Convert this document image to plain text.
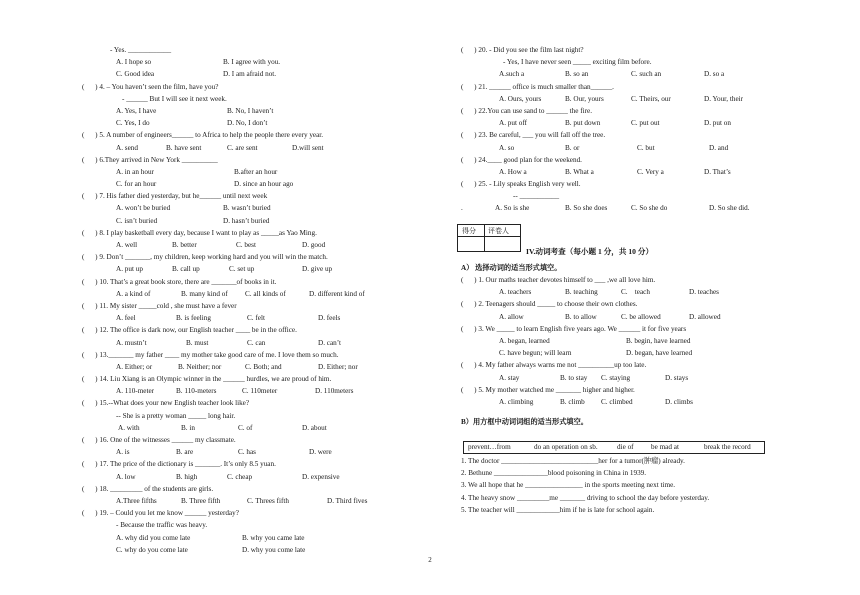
- Yes. ____________
A. I hope so	B. I agree with you.
C. Good idea	D. I am afraid not.
(      ) 4. – You haven’t seen the film, have you?
- ______ But I will see it next week.
A. Yes, I have	B. No, I haven’t
C. Yes, I do	D. No, I don’t
(      ) 5. A number of engineers______ to Africa to help the people there every year.
A. send	B. have sent	C. are sent	D.will sent
(      ) 6.They arrived in New York __________
A. in an hour	B.after an hour
C. for an hour	D. since an hour ago
(      ) 7. His father died yesterday, but he______ until next week
A. won’t be buried	B. wasn’t buried
C. isn’t buried	D. hasn’t buried
(      ) 8. I play basketball every day, because I want to play as _____as Yao Ming.
A. well	B. better	C. best	D. good
(      ) 9. Don’t _______, my children, keep working hard and you will win the match.
A. put up	B. call up	C. set up	D. give up
(      ) 10. That’s a great book store, there are _______of books in it.
A. a kind of	B. many kind of C. all kinds of	D. different kind of
(      ) 11. My sister _____cold , she must have a fever
A. feel	B. is feeling	C. felt	D. feels
(      ) 12. The office is dark now, our English teacher ____ be in the office.
A. mustn’t	B. must	C. can	D. can’t
(      ) 13._______ my father ____ my mother take good care of me. I love them so much.
A. Either; or	B. Neither; nor	C. Both; and	D. Either; nor
(      ) 14. Liu Xiang is an Olympic winner in the ______ hurdles, we are proud of him.
A. 110-meter	B. 110-meters	C. 110meter	D. 110meters
(      ) 15.--What does your new English teacher look like?
-- She is a pretty woman _____ long hair.
A. with	B. in	C. of	D. about
(      ) 16. One of the witnesses ______ my classmate.
A. is	B. are	C. has	D. were
(      ) 17. The price of the dictionary is _______. It’s only 8.5 yuan.
A. low	B. high	C. cheap	D. expensive
(      ) 18. _________ of the students are girls.
A.Three fifths	B. Three fifth	C. Threes fifth	D. Third fives
(      ) 19. – Could you let me know ______ yesterday?
- Because the traffic was heavy.
A. why did you come late	B. why you came late
C. why do you come late	D. why you come late
(      ) 20. - Did you see the film last night?
- Yes, I have never seen _____ exciting film before.
A.such a	B. so an	C. such an	D. so a
(      ) 21. ______ office is much smaller than______.
A. Ours, yours	B. Our, yours	C. Theirs, our	D. Your, their
(      ) 22.You can use sand to ______ the fire.
A. put off	B. put down	C. put out	D. put on
(      ) 23. Be careful, ___ you will fall off the tree.
A. so	B. or	C. but	D. and
(      ) 24.____ good plan for the weekend.
A. How a	B. What a	C. Very a	D. That’s
(      ) 25. - Lily speaks English very well.
-- ___________
.	A. So is she	B. So she does	C. So she do	D. So she did.
得分 评卷人
IV.动词考查（每小题 1 分，共 10 分）
A） 选择动词的适当形式填空。
(      ) 1. Our maths teacher devotes himself to ___ ,we all love him.
A. teachers	B. teaching	C.    teach	D. teaches
(      ) 2. Teenagers should _____ to choose their own clothes.
A. allow	B. to allow	C. be allowed	D. allowed
(      ) 3. We _____ to learn English five years ago. We ______ it for five years
A. began, learned	B. begin, have learned
C. have begun; will learn	D. began, have learned
(      ) 4. My father always warns me not __________up too late.
A. stay	B. to stay C. staying	D. stays
(      ) 5. My mother watched me _______ higher and higher.
A. climbing	B. climb C. climbed	D. climbs
B）用方框中动词词组的适当形式填空。
prevent…from	do an operation on sb.	die of be mad at	break the record
1. The doctor ___________________________her for a tumor(肿瘤) already.
2. Bethune _______________blood poisoning in China in 1939.
3. We all hope that he ________________ in the sports meeting next time.
4. The heavy snow _________me _______ driving to school the day before yesterday.
5. The teacher will ____________him if he is late for school again.
2
